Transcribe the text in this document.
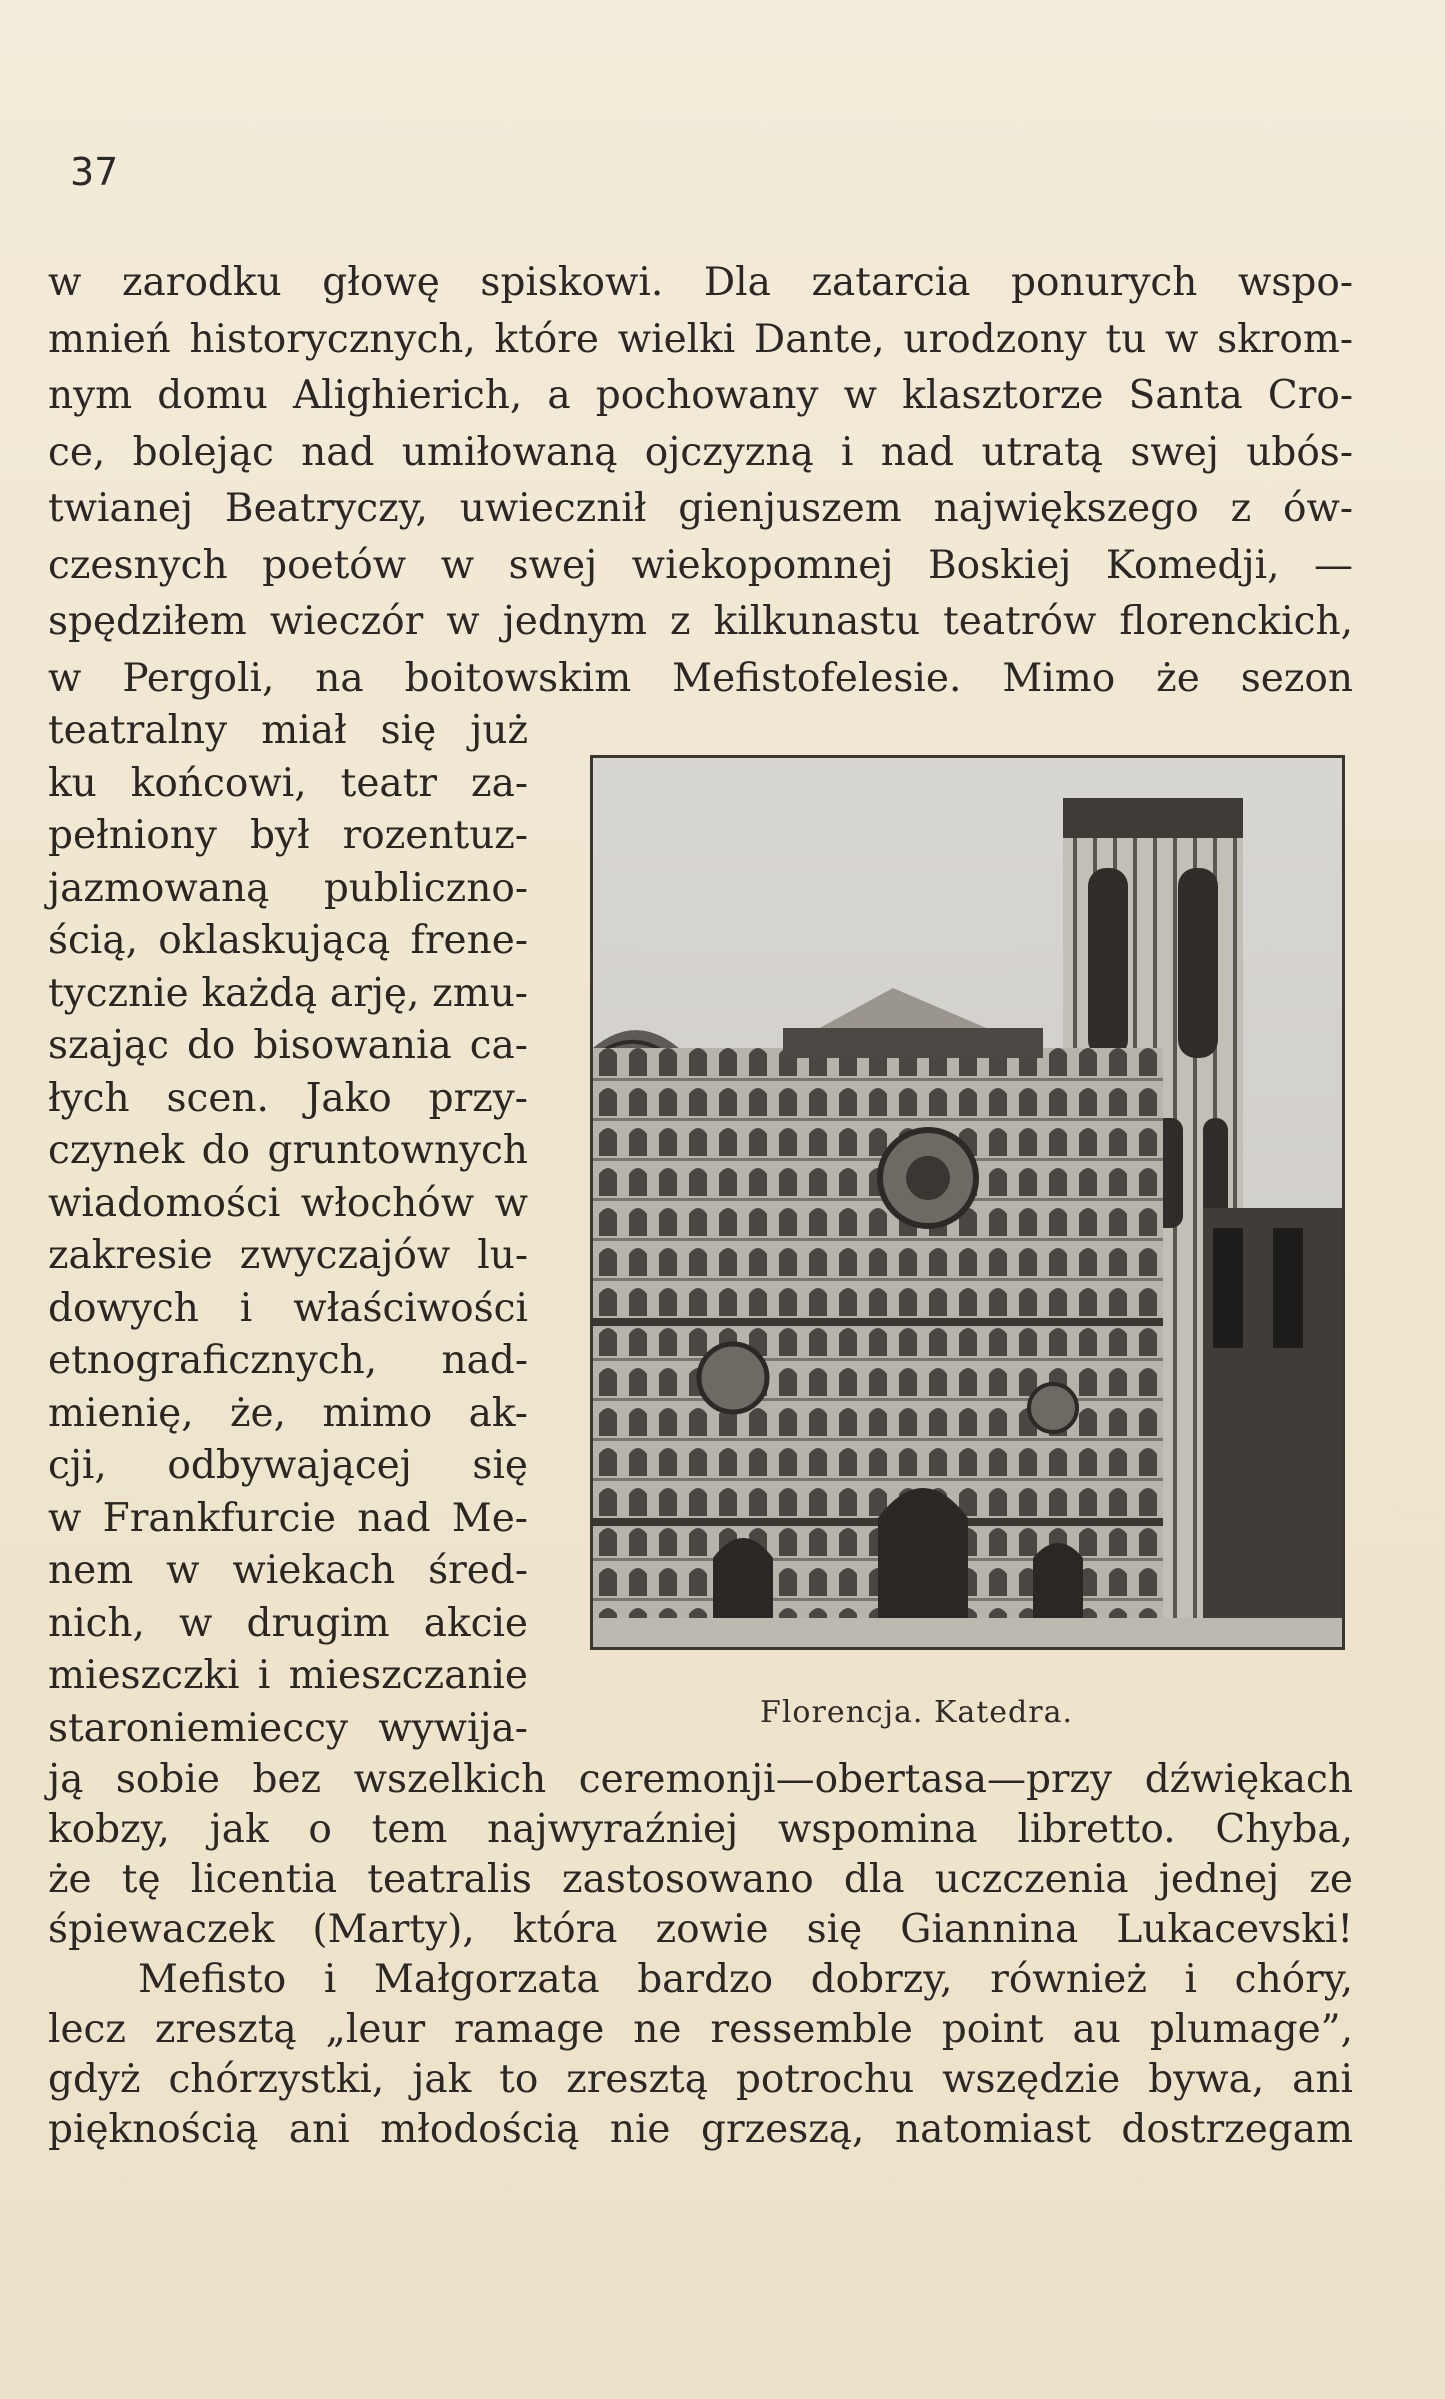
37
w zarodku głowę spiskowi. Dla zatarcia ponurych wspo-
mnień historycznych, które wielki Dante, urodzony tu w skrom-
nym domu Alighierich, a pochowany w klasztorze Santa Cro-
ce, bolejąc nad umiłowaną ojczyzną i nad utratą swej ubós-
twianej Beatryczy, uwiecznił gienjuszem największego z ów-
czesnych poetów w swej wiekopomnej Boskiej Komedji, —
spędziłem wieczór w jednym z kilkunastu teatrów florenckich,
w Pergoli, na boitowskim Mefistofelesie. Mimo że sezon
teatralny miał się już
ku końcowi, teatr za-
pełniony był rozentuz-
jazmowaną publiczno-
ścią, oklaskującą frene-
tycznie każdą arję, zmu-
szając do bisowania ca-
łych scen. Jako przy-
czynek do gruntownych
wiadomości włochów w
zakresie zwyczajów lu-
dowych i właściwości
etnograficznych, nad-
mienię, że, mimo ak-
cji, odbywającej się
w Frankfurcie nad Me-
nem w wiekach śred-
nich, w drugim akcie
mieszczki i mieszczanie
staroniemieccy wywija-	Florencja. Katedra.
ją sobie bez wszelkich ceremonji—obertasa—przy dźwiękach
kobzy, jak o tem najwyraźniej wspomina libretto. Chyba,
że tę licentia teatralis zastosowano dla uczczenia jednej ze
śpiewaczek (Marty), która zowie się Giannina Lukacevski!
Mefisto i Małgorzata bardzo dobrzy, również i chóry,
lecz zresztą „leur ramage ne ressemble point au plumage”,
gdyż chórzystki, jak to zresztą potrochu wszędzie bywa, ani
pięknością ani młodością nie grzeszą, natomiast dostrzegam
